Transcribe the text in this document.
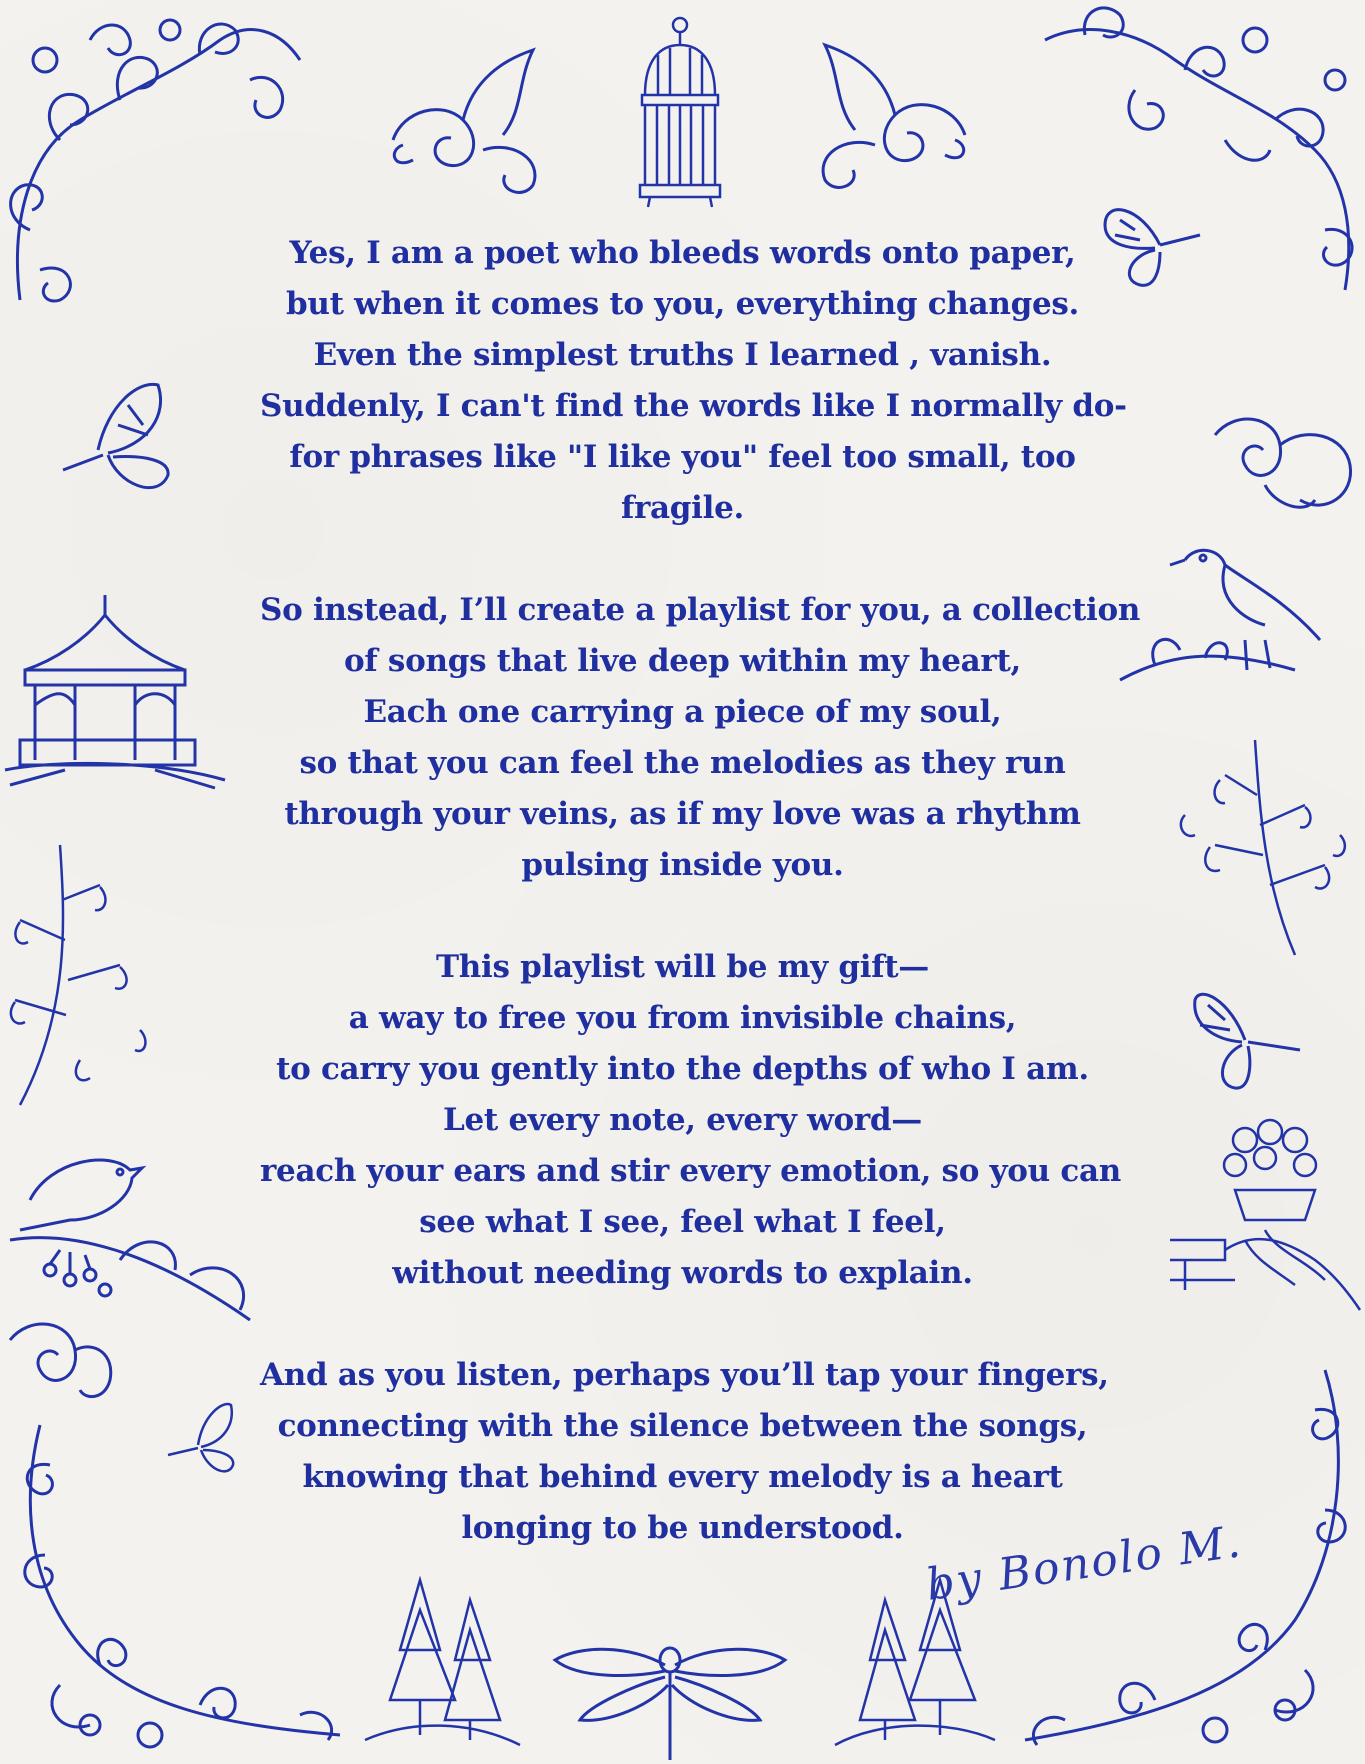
Yes, I am a poet who bleeds words onto paper,
but when it comes to you, everything changes.
Even the simplest truths I learned , vanish.
Suddenly, I can't find the words like I normally do-
for phrases like "I like you" feel too small, too
fragile.
So instead, I’ll create a playlist for you, a collection
of songs that live deep within my heart,
Each one carrying a piece of my soul,
so that you can feel the melodies as they run
through your veins, as if my love was a rhythm
pulsing inside you.
This playlist will be my gift—
a way to free you from invisible chains,
to carry you gently into the depths of who I am.
Let every note, every word—
reach your ears and stir every emotion, so you can
see what I see, feel what I feel,
without needing words to explain.
And as you listen, perhaps you’ll tap your fingers,
connecting with the silence between the songs,
knowing that behind every melody is a heart
longing to be understood. by Bonolo M.
